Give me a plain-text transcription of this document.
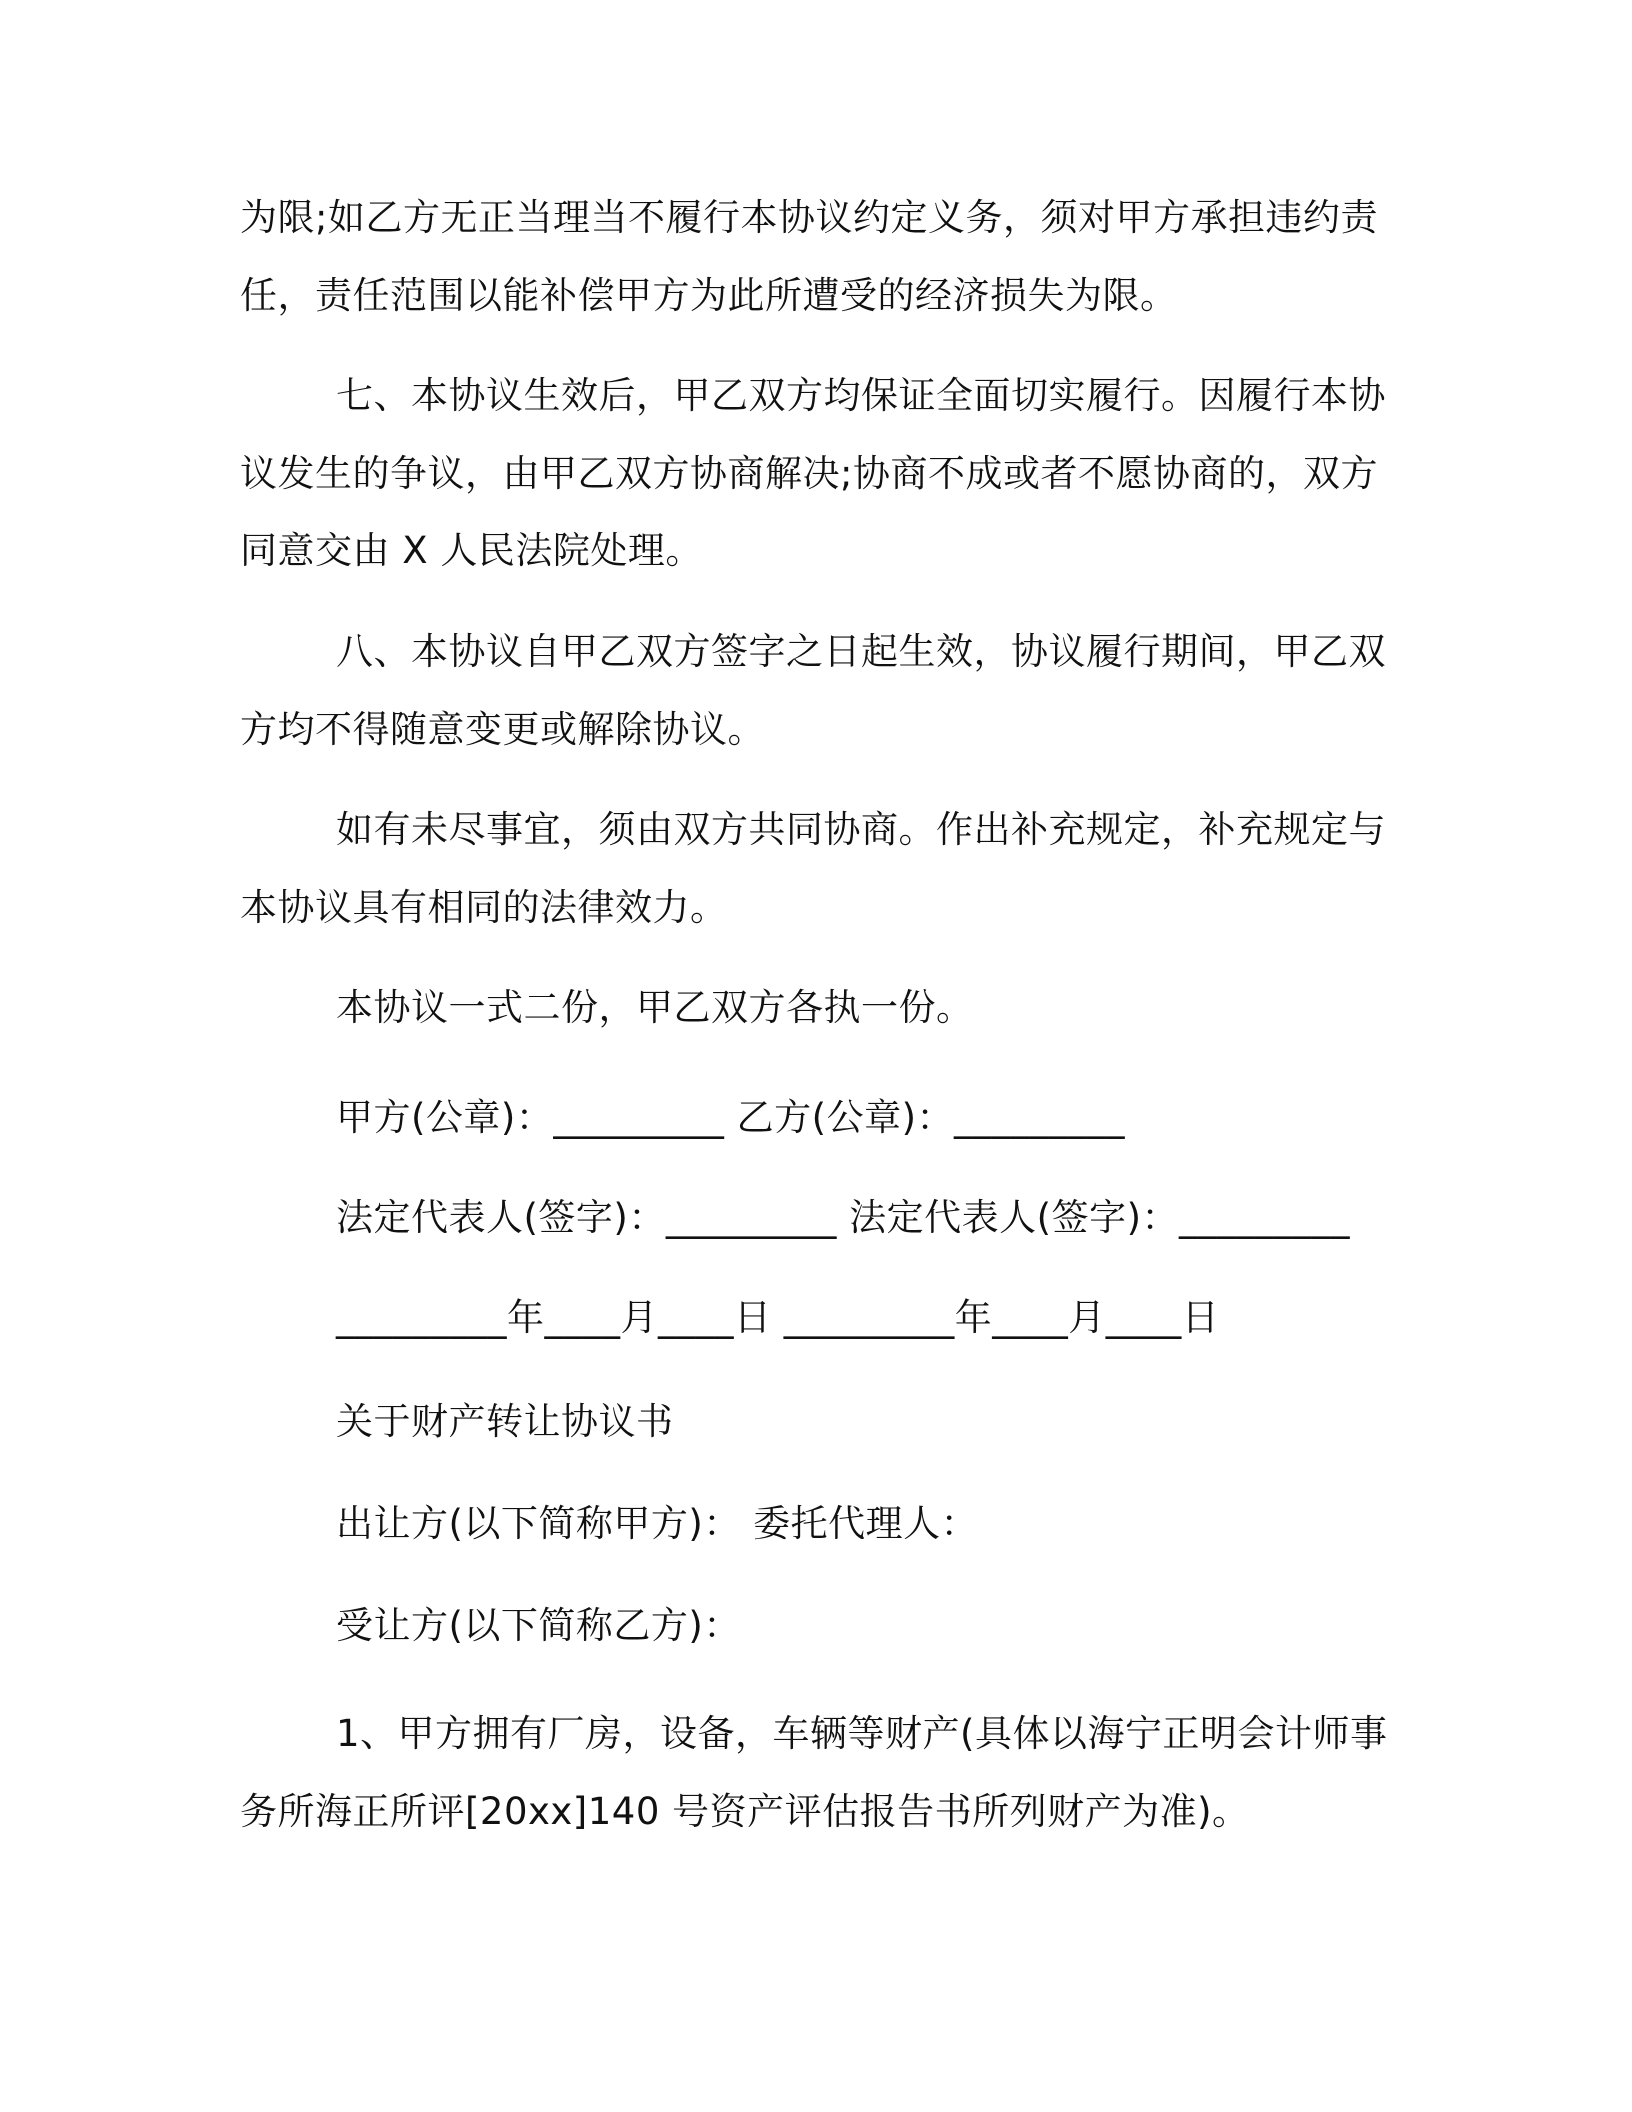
为限;如乙方无正当理当不履行本协议约定义务，须对甲方承担违约责
任，责任范围以能补偿甲方为此所遭受的经济损失为限。
七、本协议生效后，甲乙双方均保证全面切实履行。因履行本协
议发生的争议，由甲乙双方协商解决;协商不成或者不愿协商的，双方
同意交由 X 人民法院处理。
八、本协议自甲乙双方签字之日起生效，协议履行期间，甲乙双
方均不得随意变更或解除协议。
如有未尽事宜，须由双方共同协商。作出补充规定，补充规定与
本协议具有相同的法律效力。
本协议一式二份，甲乙双方各执一份。
甲方(公章)：_________ 乙方(公章)：_________
法定代表人(签字)：_________ 法定代表人(签字)：_________
_________年____月____日 _________年____月____日
关于财产转让协议书
出让方(以下简称甲方)： 委托代理人：
受让方(以下简称乙方)：
1、甲方拥有厂房，设备，车辆等财产(具体以海宁正明会计师事
务所海正所评[20xx]140 号资产评估报告书所列财产为准)。
